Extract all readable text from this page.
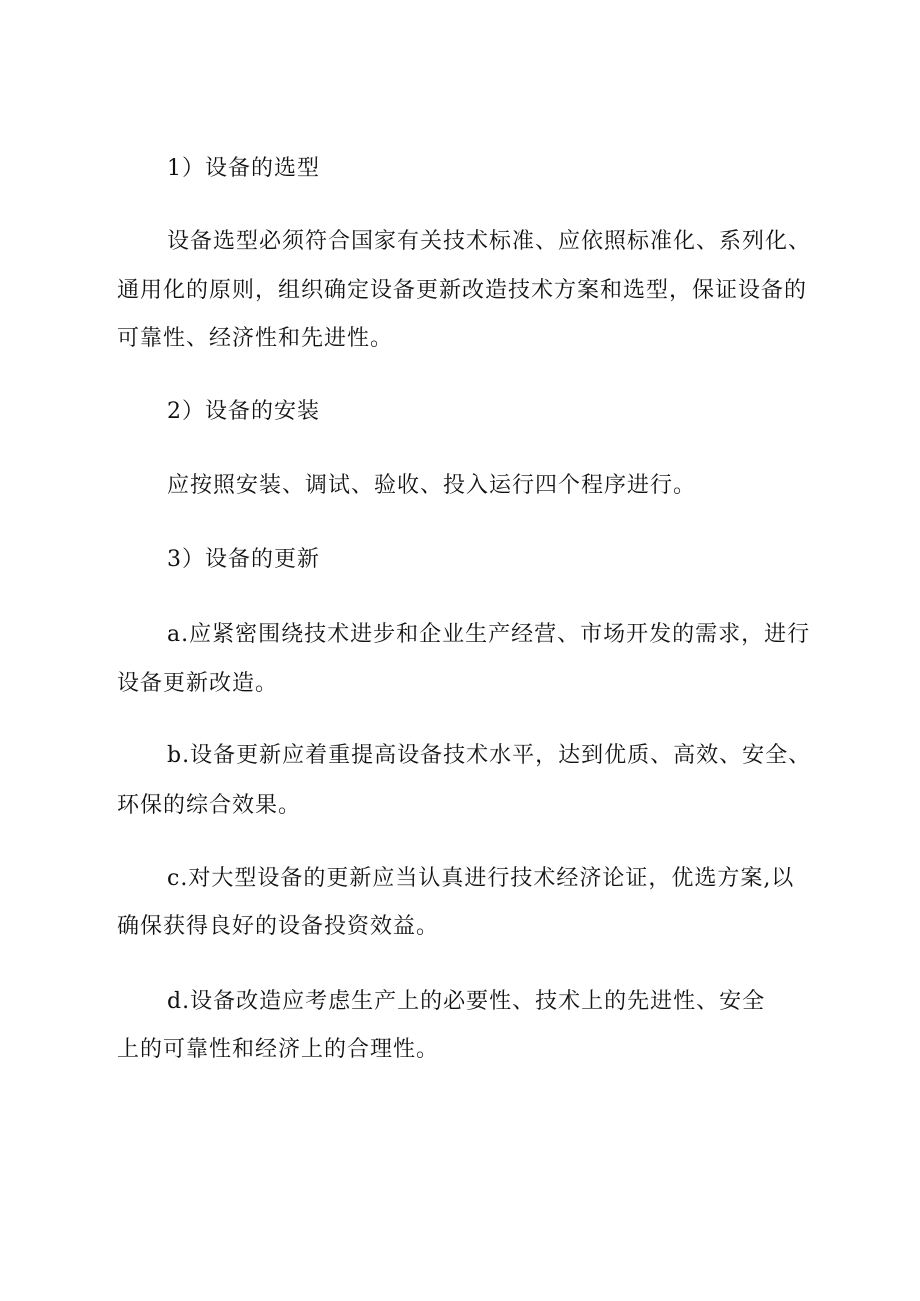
1）设备的选型
设备选型必须符合国家有关技术标准、应依照标准化、系列化、
通用化的原则，组织确定设备更新改造技术方案和选型，保证设备的
可靠性、经济性和先进性。
2）设备的安装
应按照安装、调试、验收、投入运行四个程序进行。
3）设备的更新
a.应紧密围绕技术进步和企业生产经营、市场开发的需求，进行
设备更新改造。
b.设备更新应着重提高设备技术水平，达到优质、高效、安全、
环保的综合效果。
c.对大型设备的更新应当认真进行技术经济论证，优选方案,以
确保获得良好的设备投资效益。
d.设备改造应考虑生产上的必要性、技术上的先进性、安全
上的可靠性和经济上的合理性。
